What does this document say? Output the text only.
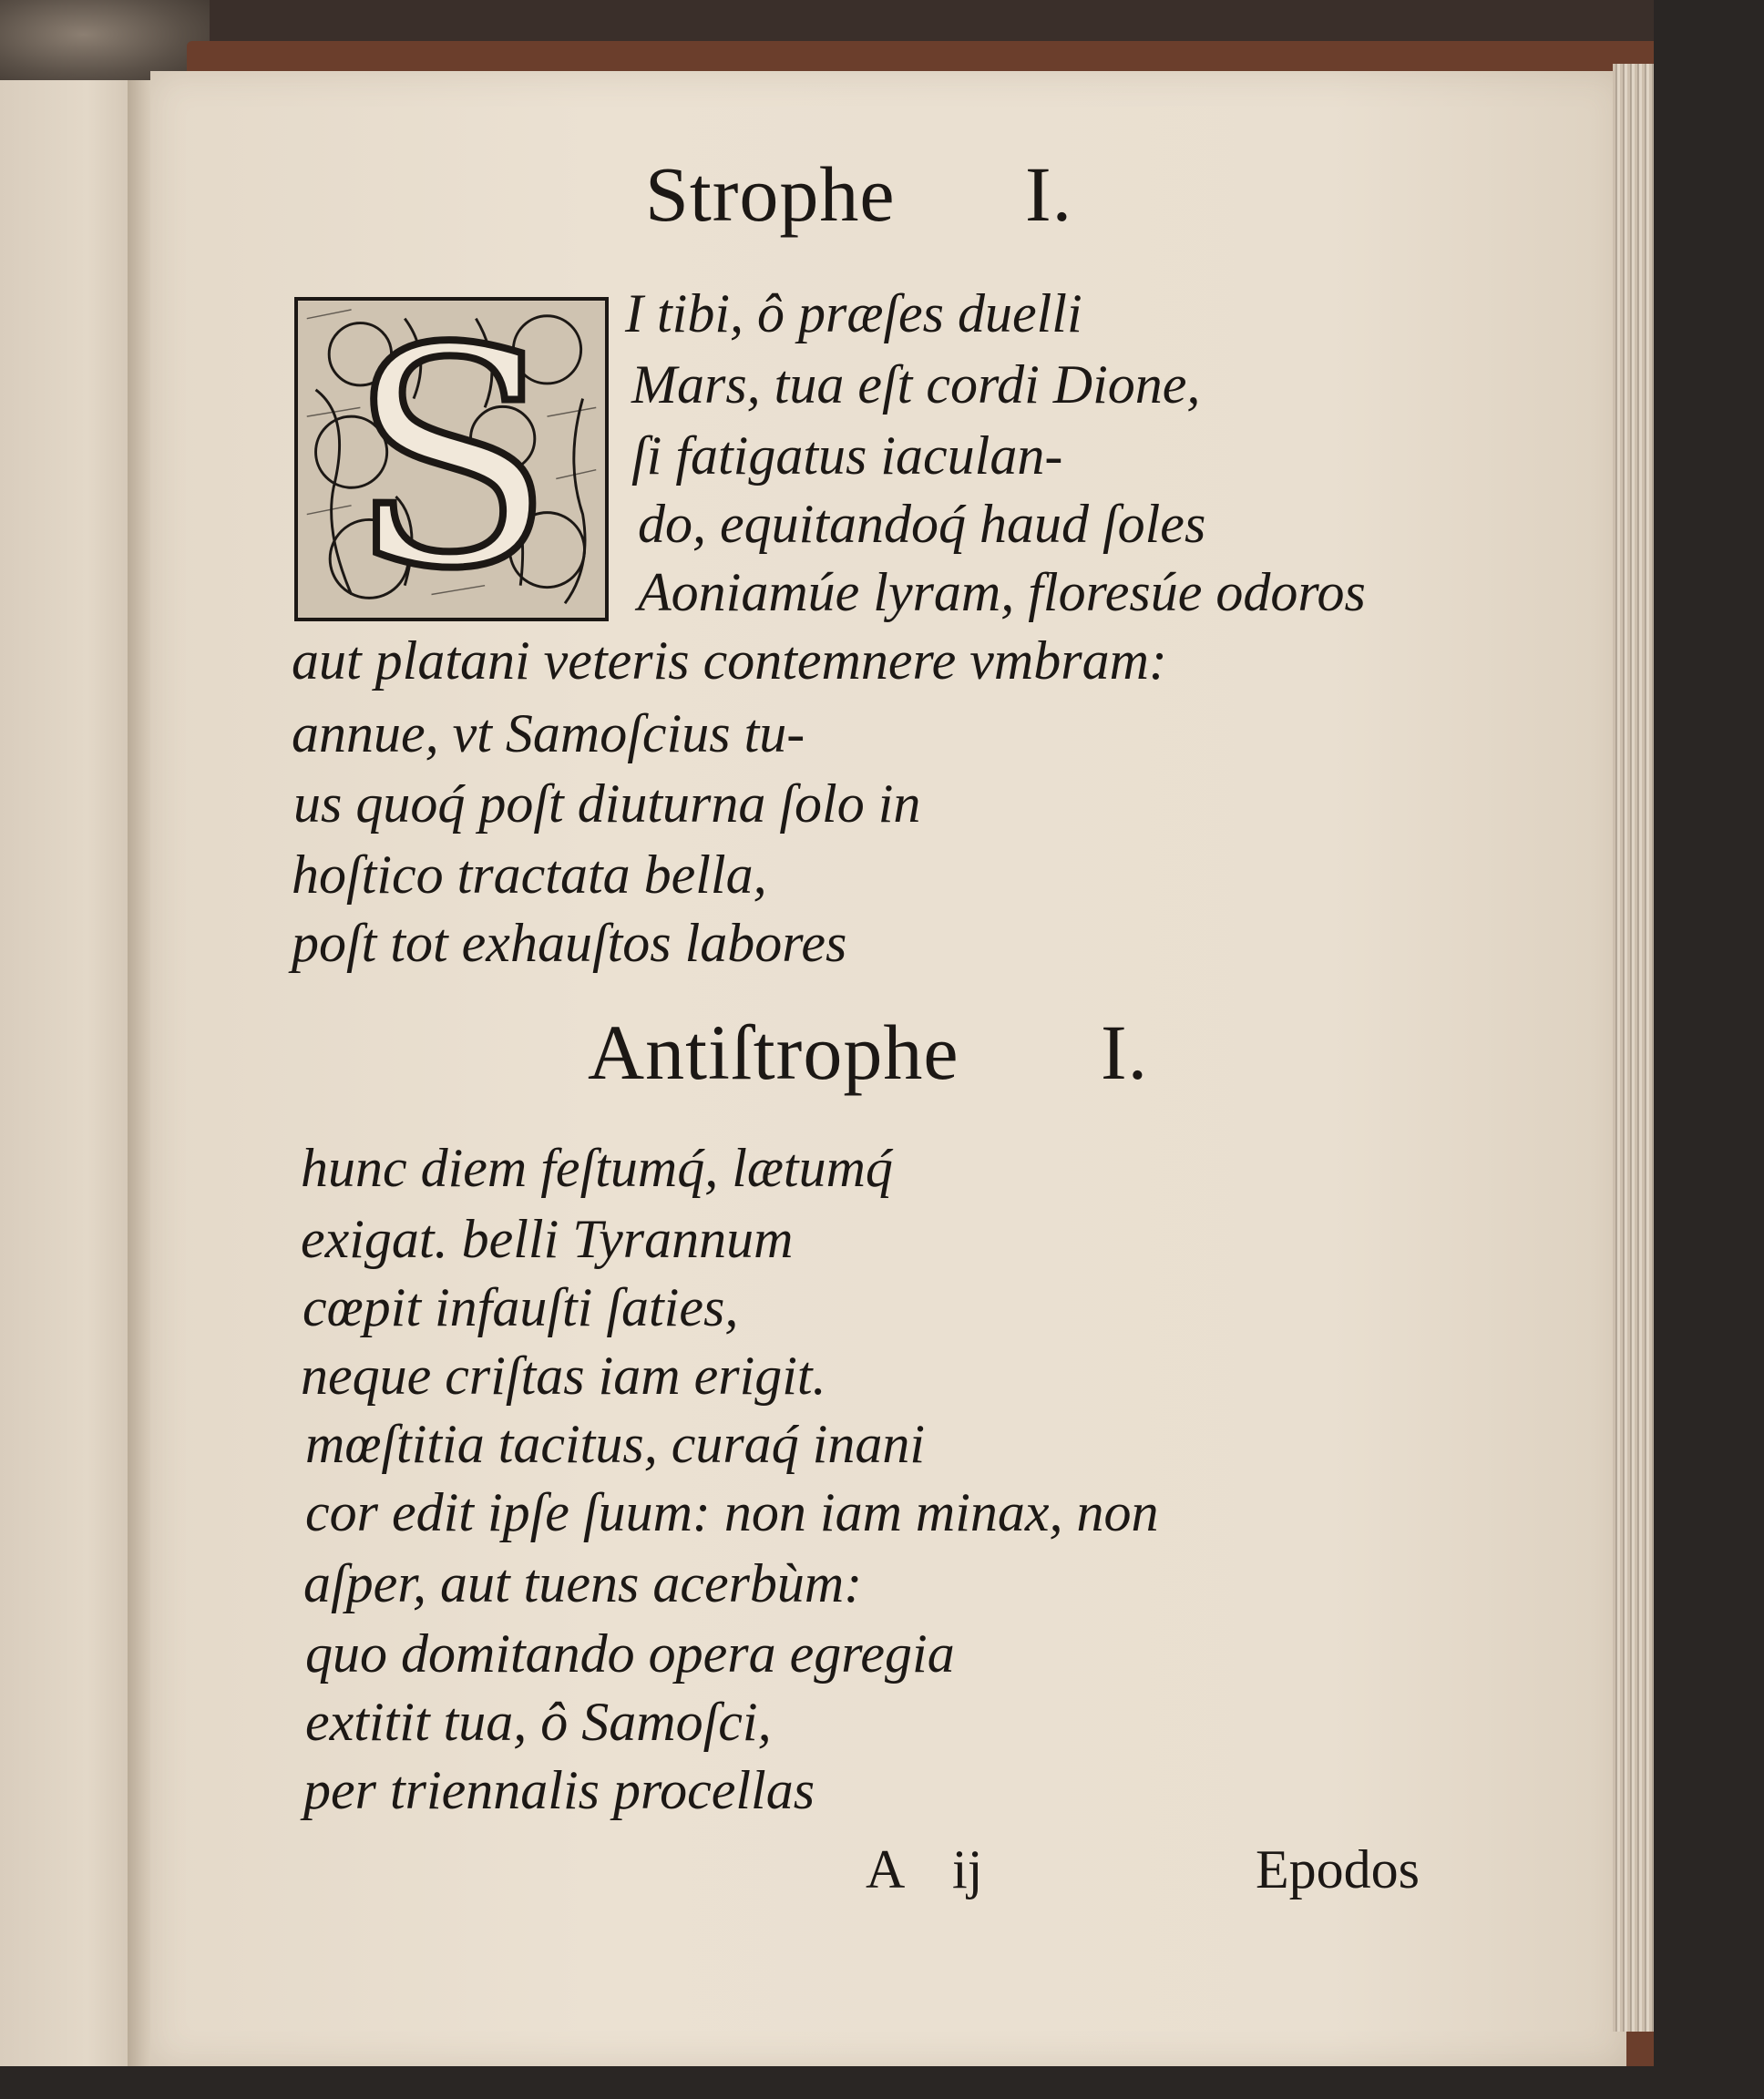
Strophe I.
S	I tibi, ô præſes duelli
Mars, tua eſt cordi Dione,
ſi fatigatus iaculan-
do, equitandoq́ haud ſoles
Aoniamúe lyram, floresúe odoros
aut platani veteris contemnere vmbram:
annue, vt Samoſcius tu-
us quoq́ poſt diuturna ſolo in
hoſtico tractata bella,
poſt tot exhauſtos labores
Antiſtrophe I.
hunc diem feſtumq́, lætumq́
exigat. belli Tyrannum
cœpit infauſti ſaties,
neque criſtas iam erigit.
mœſtitia tacitus, curaq́ inani
cor edit ipſe ſuum: non iam minax, non
aſper, aut tuens acerbùm:
quo domitando opera egregia
extitit tua, ô Samoſci,
per triennalis procellas
A ij	Epodos
